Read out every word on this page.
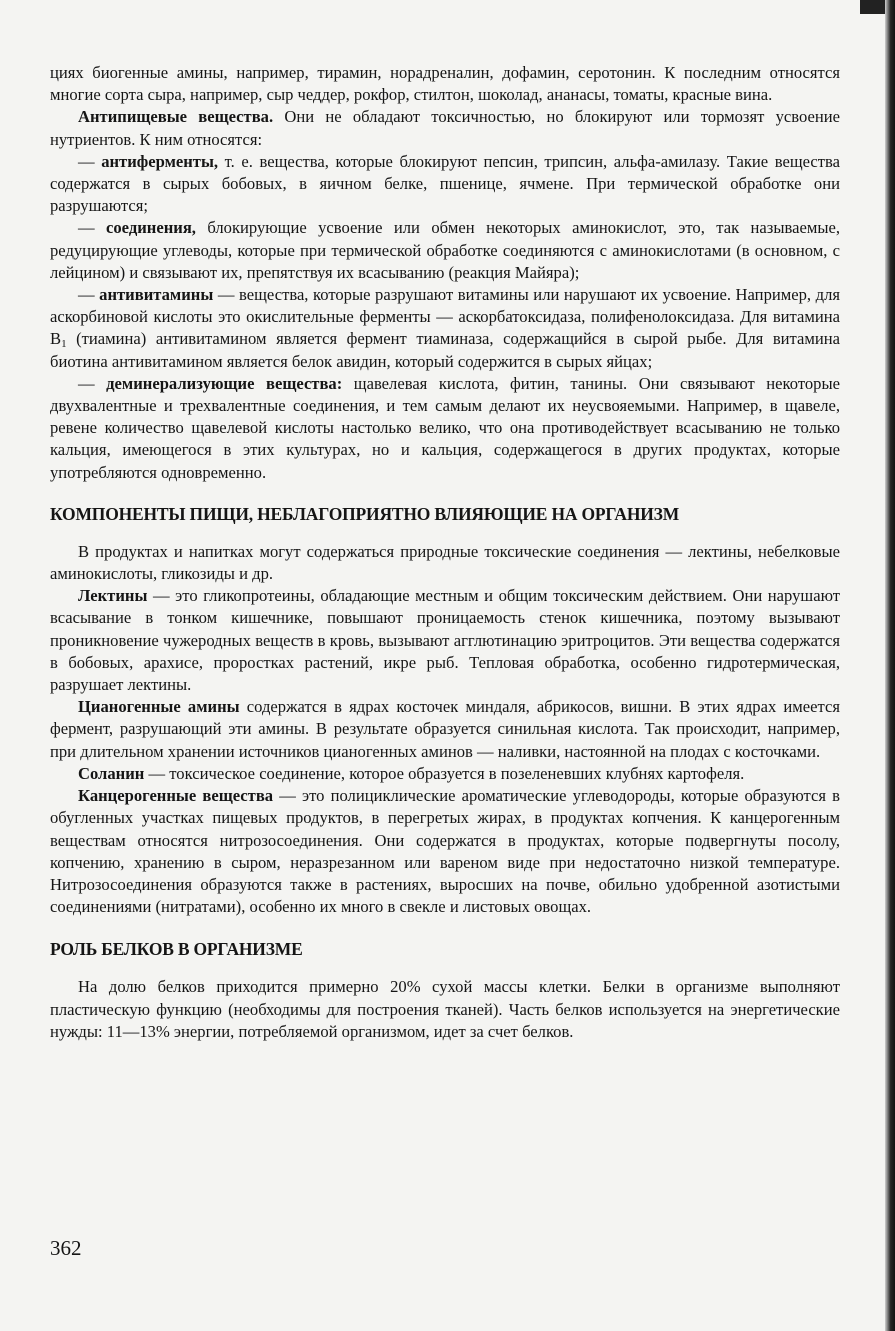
циях биогенные амины, например, тирамин, норадреналин, дофамин, серотонин. К последним относятся многие сорта сыра, например, сыр чеддер, рокфор, стилтон, шоколад, ананасы, томаты, красные вина.

Антипищевые вещества. Они не обладают токсичностью, но блокируют или тормозят усвоение нутриентов. К ним относятся:

— антиферменты, т. е. вещества, которые блокируют пепсин, трипсин, альфа-амилазу. Такие вещества содержатся в сырых бобовых, в яичном белке, пшенице, ячмене. При термической обработке они разрушаются;

— соединения, блокирующие усвоение или обмен некоторых аминокислот, это, так называемые, редуцирующие углеводы, которые при термической обработке соединяются с аминокислотами (в основном, с лейцином) и связывают их, препятствуя их всасыванию (реакция Майяра);

— антивитамины — вещества, которые разрушают витамины или нарушают их усвоение. Например, для аскорбиновой кислоты это окислительные ферменты — аскорбатоксидаза, полифенолоксидаза. Для витамина $B_1$ (тиамина) антивитамином является фермент тиаминаза, содержащийся в сырой рыбе. Для витамина биотина антивитамином является белок авидин, который содержится в сырых яйцах;

— деминерализующие вещества: щавелевая кислота, фитин, танины. Они связывают некоторые двухвалентные и трехвалентные соединения, и тем самым делают их неусвояемыми. Например, в щавеле, ревене количество щавелевой кислоты настолько велико, что она противодействует всасыванию не только кальция, имеющегося в этих культурах, но и кальция, содержащегося в других продуктах, которые употребляются одновременно.

КОМПОНЕНТЫ ПИЩИ, НЕБЛАГОПРИЯТНО ВЛИЯЮЩИЕ НА ОРГАНИЗМ

В продуктах и напитках могут содержаться природные токсические соединения — лектины, небелковые аминокислоты, гликозиды и др.

Лектины — это гликопротеины, обладающие местным и общим токсическим действием. Они нарушают всасывание в тонком кишечнике, повышают проницаемость стенок кишечника, поэтому вызывают проникновение чужеродных веществ в кровь, вызывают агглютинацию эритроцитов. Эти вещества содержатся в бобовых, арахисе, проростках растений, икре рыб. Тепловая обработка, особенно гидротермическая, разрушает лектины.

Цианогенные амины содержатся в ядрах косточек миндаля, абрикосов, вишни. В этих ядрах имеется фермент, разрушающий эти амины. В результате образуется синильная кислота. Так происходит, например, при длительном хранении источников цианогенных аминов — наливки, настоянной на плодах с косточками.

Соланин — токсическое соединение, которое образуется в позеленевших клубнях картофеля.

Канцерогенные вещества — это полициклические ароматические углеводороды, которые образуются в обугленных участках пищевых продуктов, в перегретых жирах, в продуктах копчения. К канцерогенным веществам относятся нитрозосоединения. Они содержатся в продуктах, которые подвергнуты посолу, копчению, хранению в сыром, неразрезанном или вареном виде при недостаточно низкой температуре. Нитрозосоединения образуются также в растениях, выросших на почве, обильно удобренной азотистыми соединениями (нитратами), особенно их много в свекле и листовых овощах.

РОЛЬ БЕЛКОВ В ОРГАНИЗМЕ

На долю белков приходится примерно 20% сухой массы клетки. Белки в организме выполняют пластическую функцию (необходимы для построения тканей). Часть белков используется на энергетические нужды: 11—13% энергии, потребляемой организмом, идет за счет белков.

362
